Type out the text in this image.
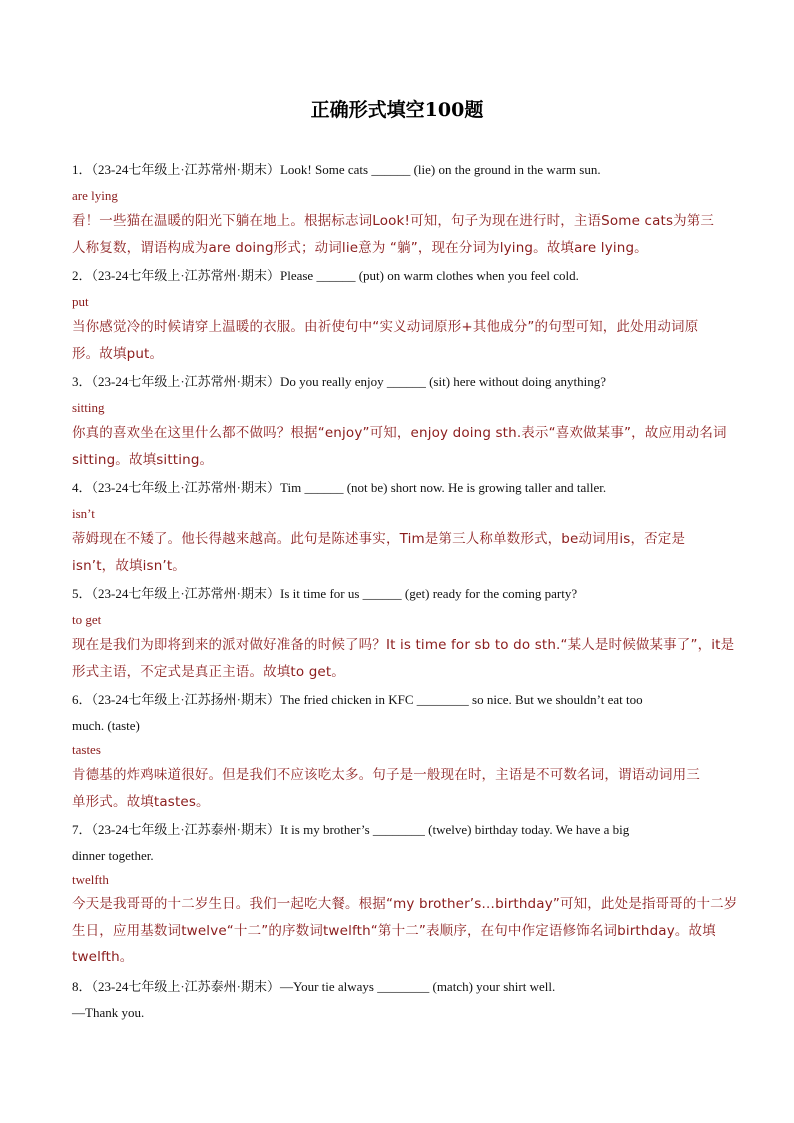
正确形式填空100题
1．（23-24七年级上·江苏常州·期末）Look! Some cats ______ (lie) on the ground in the warm sun.
are lying
看！一些猫在温暖的阳光下躺在地上。根据标志词Look!可知，句子为现在进行时，主语Some cats为第三
人称复数，谓语构成为are doing形式；动词lie意为 “躺”，现在分词为lying。故填are lying。
2．（23-24七年级上·江苏常州·期末）Please ______ (put) on warm clothes when you feel cold.
put
当你感觉冷的时候请穿上温暖的衣服。由祈使句中“实义动词原形+其他成分”的句型可知，此处用动词原
形。故填put。
3．（23-24七年级上·江苏常州·期末）Do you really enjoy ______ (sit) here without doing anything?
sitting
你真的喜欢坐在这里什么都不做吗？根据“enjoy”可知，enjoy doing sth.表示“喜欢做某事”，故应用动名词
sitting。故填sitting。
4．（23-24七年级上·江苏常州·期末）Tim ______ (not be) short now. He is growing taller and taller.
isn’t
蒂姆现在不矮了。他长得越来越高。此句是陈述事实，Tim是第三人称单数形式，be动词用is，否定是
isn’t，故填isn’t。
5．（23-24七年级上·江苏常州·期末）Is it time for us ______ (get) ready for the coming party?
to get
现在是我们为即将到来的派对做好准备的时候了吗？It is time for sb to do sth.“某人是时候做某事了”，it是
形式主语，不定式是真正主语。故填to get。
6．（23-24七年级上·江苏扬州·期末）The fried chicken in KFC ________ so nice. But we shouldn’t eat too
much. (taste)
tastes
肯德基的炸鸡味道很好。但是我们不应该吃太多。句子是一般现在时，主语是不可数名词，谓语动词用三
单形式。故填tastes。
7．（23-24七年级上·江苏泰州·期末）It is my brother’s ________ (twelve) birthday today. We have a big
dinner together.
twelfth
今天是我哥哥的十二岁生日。我们一起吃大餐。根据“my brother’s…birthday”可知，此处是指哥哥的十二岁
生日，应用基数词twelve“十二”的序数词twelfth“第十二”表顺序，在句中作定语修饰名词birthday。故填
twelfth。
8．（23-24七年级上·江苏泰州·期末）—Your tie always ________ (match) your shirt well.
—Thank you.
